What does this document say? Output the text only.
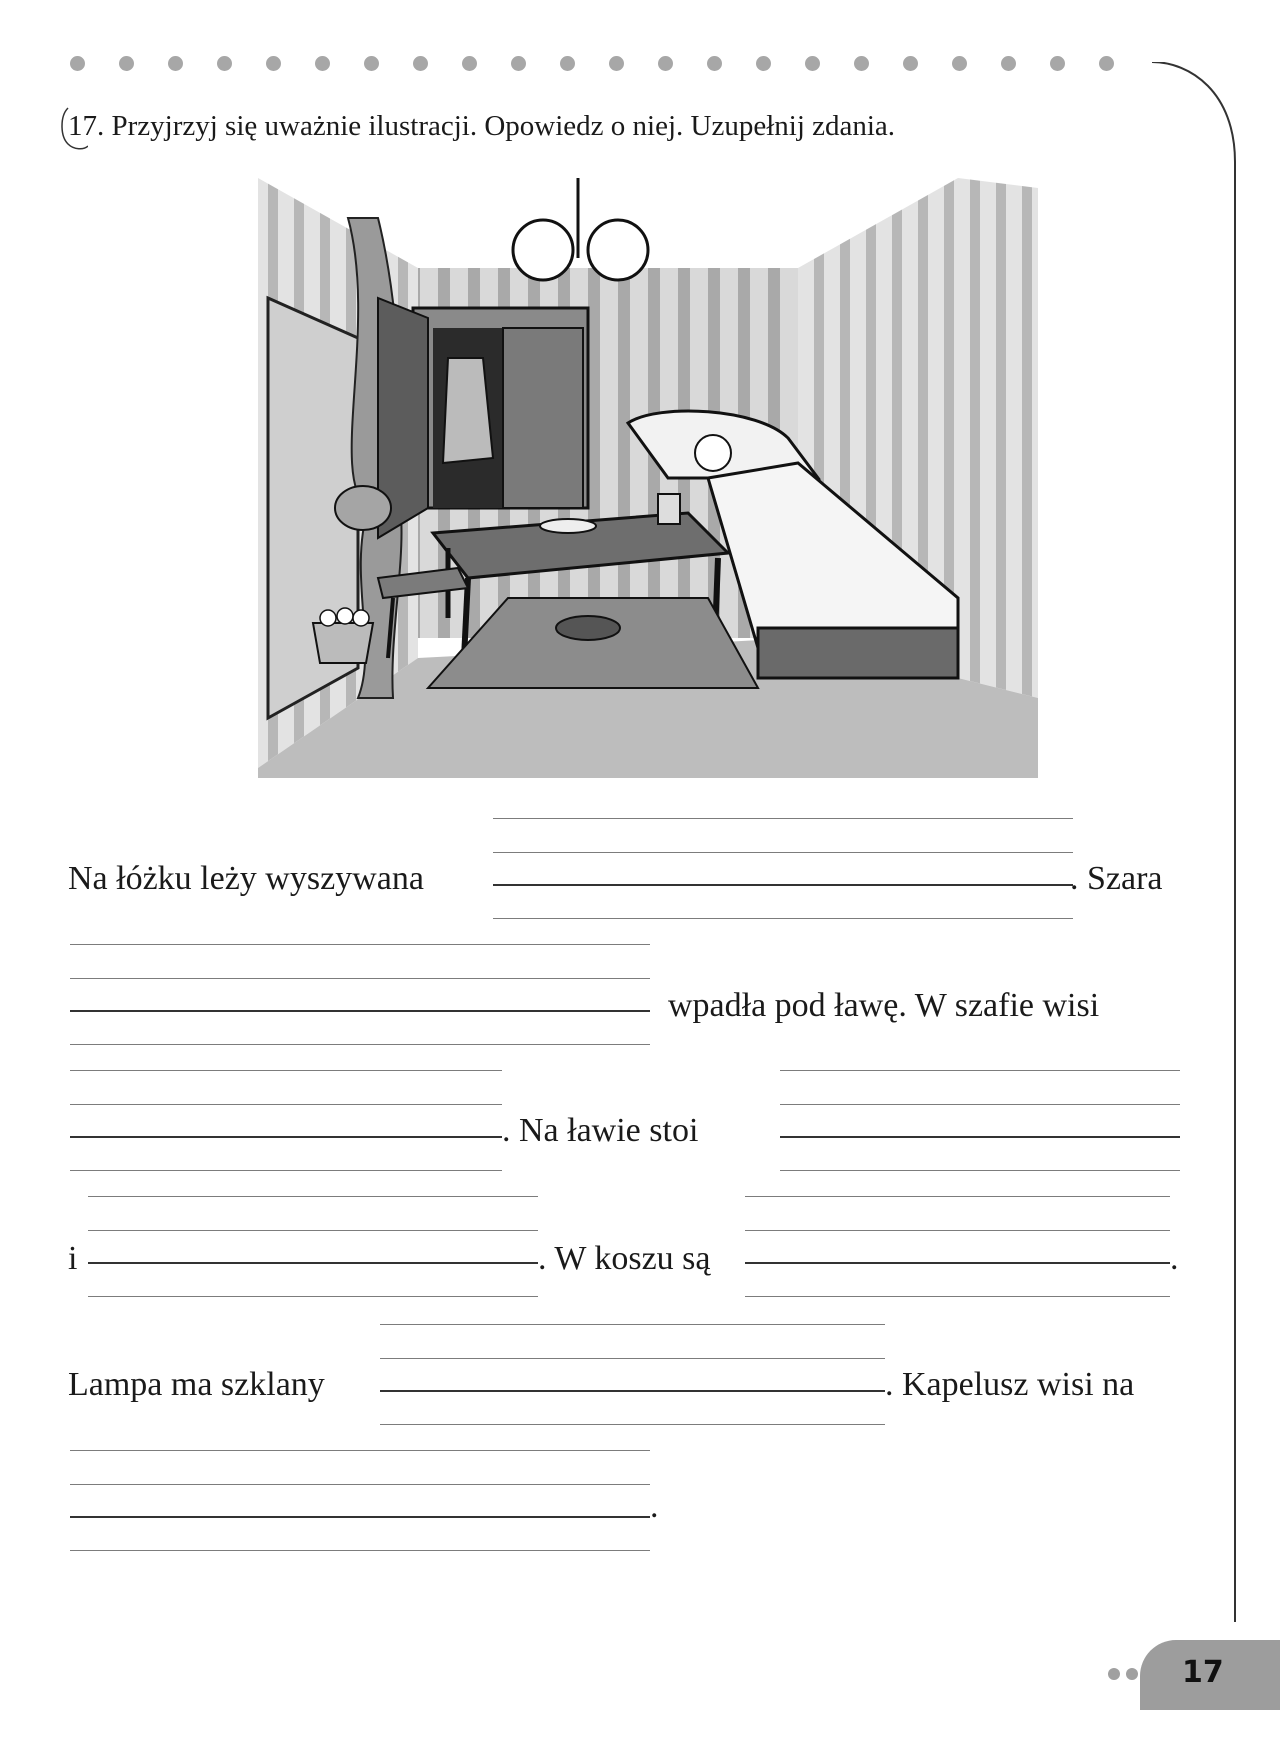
17. Przyjrzyj się uważnie ilustracji. Opowiedz o niej. Uzupełnij zdania.
Na łóżku leży wyszywana	. Szara
wpadła pod ławę. W szafie wisi
. Na ławie stoi
i	. W koszu są	.
Lampa ma szklany	. Kapelusz wisi na
.
17
